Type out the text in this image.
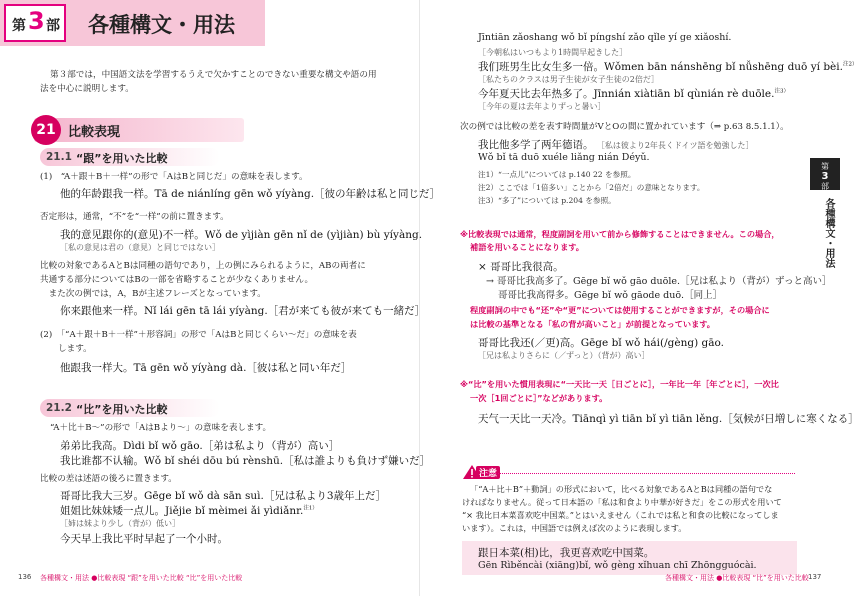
第 3 部 各種構文・用法
第３部では，中国語文法を学習するうえで欠かすことのできない重要な構文や語の用
法を中心に説明します。
21 比較表現
21.1 “跟”を用いた比較
(1)　“A＋跟＋B＋一样”の形で「AはBと同じだ」の意味を表します。
他的年龄跟我一样。Tā de niánlíng gēn wǒ yíyàng.［彼の年齢は私と同じだ］
否定形は，通常，“不”を“一样”の前に置きます。
我的意见跟你的(意见)不一样。Wǒ de yìjiàn gēn nǐ de (yìjiàn) bù yíyàng.
［私の意見は君の（意見）と同じではない］
比較の対象であるAとBは同種の語句であり，上の例にみられるように，ABの両者に
共通する部分についてはBの一部を省略することが少なくありません。
　また次の例では，A，Bが主述フレーズとなっています。
你来跟他来一样。Nǐ lái gēn tā lái yíyàng.［君が来ても彼が来ても一緒だ］
(2)　「“A＋跟＋B＋一样”＋形容詞」の形で「AはBと同じくらい～だ」の意味を表
します。
他跟我一样大。Tā gēn wǒ yíyàng dà.［彼は私と同い年だ］
21.2 “比”を用いた比較
“A＋比＋B～”の形で「AはBより～」の意味を表します。
弟弟比我高。Dìdi bǐ wǒ gāo.［弟は私より（背が）高い］
我比谁都不认输。Wǒ bǐ shéi dōu bú rènshū.［私は誰よりも負けず嫌いだ］
比較の差は述語の後ろに置きます。
哥哥比我大三岁。Gēge bǐ wǒ dà sān suì.［兄は私より3歳年上だ］
姐姐比妹妹矮一点儿。Jiějie bǐ mèimei ǎi yìdiǎnr.$^{注1)}$
［姉は妹より少し（背が）低い］
今天早上我比平时早起了一个小时。
Jīntiān zǎoshang wǒ bǐ píngshí zǎo qǐle yí ge xiǎoshí.
［今朝私はいつもより1時間早起きした］
我们班男生比女生多一倍。Wǒmen bān nánshēng bǐ nǚshēng duō yí bèi.$^{注2)}$
［私たちのクラスは男子生徒が女子生徒の2倍だ］
今年夏天比去年热多了。Jīnnián xiàtiān bǐ qùnián rè duōle.$^{注3)}$
［今年の夏は去年よりずっと暑い］
次の例では比較の差を表す時間量がVとOの間に置かれています（⇒ p.63 8.5.1.1）。
我比他多学了两年德语。 ［私は彼より2年長くドイツ語を勉強した］
Wǒ bǐ tā duō xuéle liǎng nián Déyǔ.
注1）“一点儿”については p.140 22 を参照。
注2）ここでは「1倍多い」ことから「2倍だ」の意味となります。
注3）“多了”については p.204 を参照。
※比較表現では通常，程度副詞を用いて前から修飾することはできません。この場合，
補語を用いることになります。
× 哥哥比我很高。
→ 哥哥比我高多了。Gēge bǐ wǒ gāo duōle.［兄は私より（背が）ずっと高い］
哥哥比我高得多。Gēge bǐ wǒ gāode duō.［同上］
程度副詞の中でも“还”や“更”については使用することができますが，その場合に
は比較の基準となる「私の背が高いこと」が前提となっています。
哥哥比我还(／更)高。Gēge bǐ wǒ hái(/gèng) gāo.
［兄は私よりさらに（／ずっと）（背が）高い］
※“比”を用いた慣用表現に“一天比一天［日ごとに］，一年比一年［年ごとに］，一次比
一次［1回ごとに］”などがあります。
天气一天比一天冷。Tiānqì yì tiān bǐ yì tiān lěng.［気候が日増しに寒くなる］
注意
「“A＋比＋B”＋動詞」の形式において，比べる対象であるAとBは同種の語句でな
ければなりません。従って日本語の「私は和食より中華が好きだ」をこの形式を用いて
“× 我比日本菜喜欢吃中国菜。”とはいえません（これでは私と和食の比較になってしま
います）。これは，中国語では例えば次のように表現します。
跟日本菜(相)比，我更喜欢吃中国菜。
Gēn Rìběncài (xiāng)bǐ, wǒ gèng xǐhuan chī Zhōngguócài.
第
3
部
各種構文・用法
136 各種構文・用法 ●比較表現 “跟”を用いた比較 “比”を用いた比較	各種構文・用法 ●比較表現 “比”を用いた比較 137
